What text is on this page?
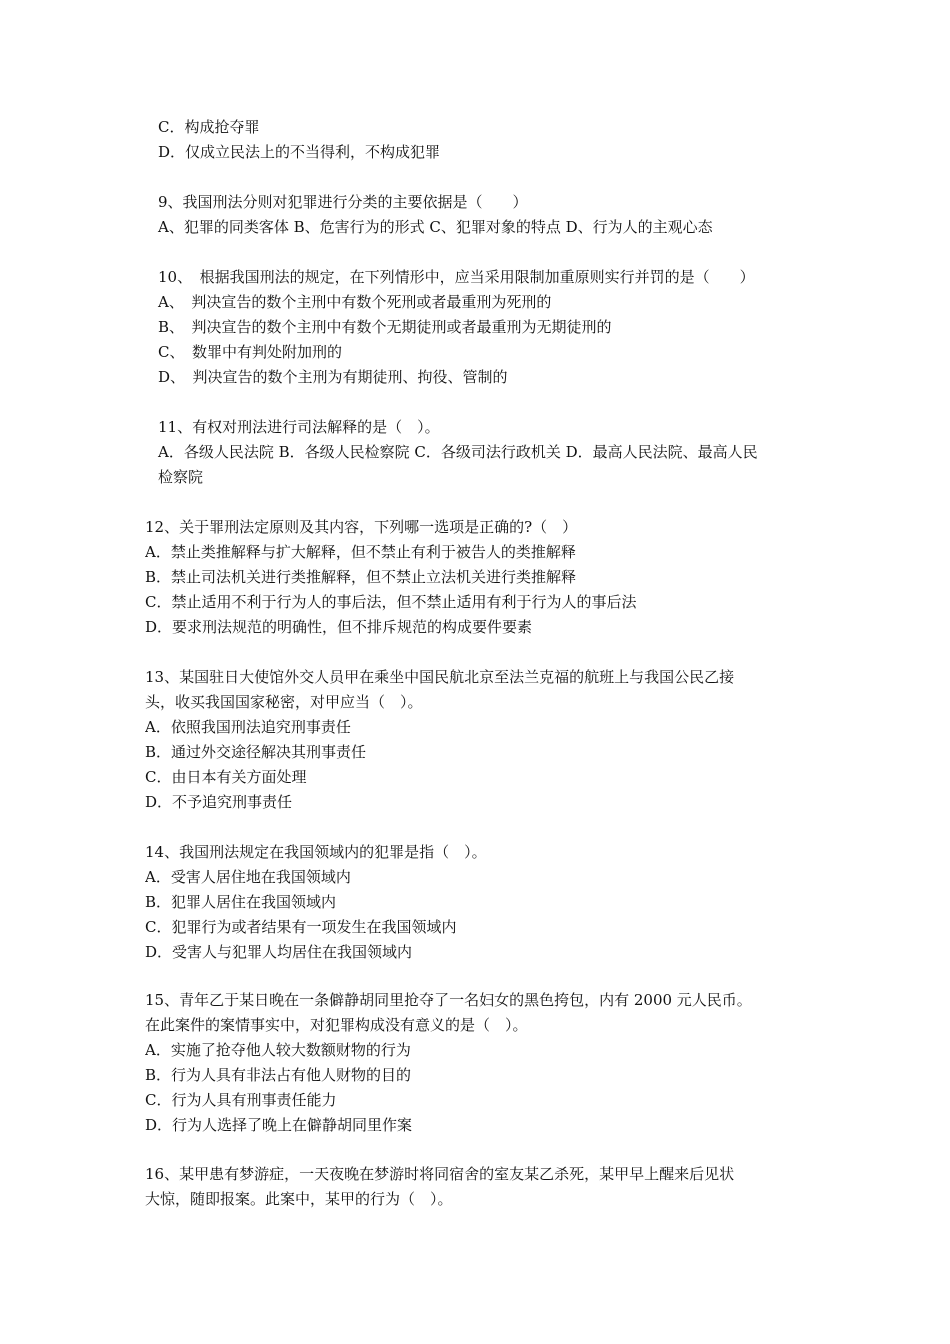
C．构成抢夺罪
D．仅成立民法上的不当得利，不构成犯罪
9、我国刑法分则对犯罪进行分类的主要依据是（　　）
A、犯罪的同类客体 B、危害行为的形式 C、犯罪对象的特点 D、行为人的主观心态
10、　根据我国刑法的规定，在下列情形中，应当采用限制加重原则实行并罚的是（　　）
A、　判决宣告的数个主刑中有数个死刑或者最重刑为死刑的
B、　判决宣告的数个主刑中有数个无期徒刑或者最重刑为无期徒刑的
C、　数罪中有判处附加刑的
D、　判决宣告的数个主刑为有期徒刑、拘役、管制的
11、有权对刑法进行司法解释的是（　）。
A．各级人民法院 B．各级人民检察院 C．各级司法行政机关 D．最高人民法院、最高人民
检察院
12、关于罪刑法定原则及其内容，下列哪一选项是正确的?（　）
A．禁止类推解释与扩大解释，但不禁止有利于被告人的类推解释
B．禁止司法机关进行类推解释，但不禁止立法机关进行类推解释
C．禁止适用不利于行为人的事后法，但不禁止适用有利于行为人的事后法
D．要求刑法规范的明确性，但不排斥规范的构成要件要素
13、某国驻日大使馆外交人员甲在乘坐中国民航北京至法兰克福的航班上与我国公民乙接
头，收买我国国家秘密，对甲应当（　）。
A．依照我国刑法追究刑事责任
B．通过外交途径解决其刑事责任
C．由日本有关方面处理
D．不予追究刑事责任
14、我国刑法规定在我国领域内的犯罪是指（　）。
A．受害人居住地在我国领域内
B．犯罪人居住在我国领域内
C．犯罪行为或者结果有一项发生在我国领域内
D．受害人与犯罪人均居住在我国领域内
15、青年乙于某日晚在一条僻静胡同里抢夺了一名妇女的黑色挎包，内有 2000 元人民币。
在此案件的案情事实中，对犯罪构成没有意义的是（　）。
A．实施了抢夺他人较大数额财物的行为
B．行为人具有非法占有他人财物的目的
C．行为人具有刑事责任能力
D．行为人选择了晚上在僻静胡同里作案
16、某甲患有梦游症，一天夜晚在梦游时将同宿舍的室友某乙杀死，某甲早上醒来后见状
大惊，随即报案。此案中，某甲的行为（　）。
